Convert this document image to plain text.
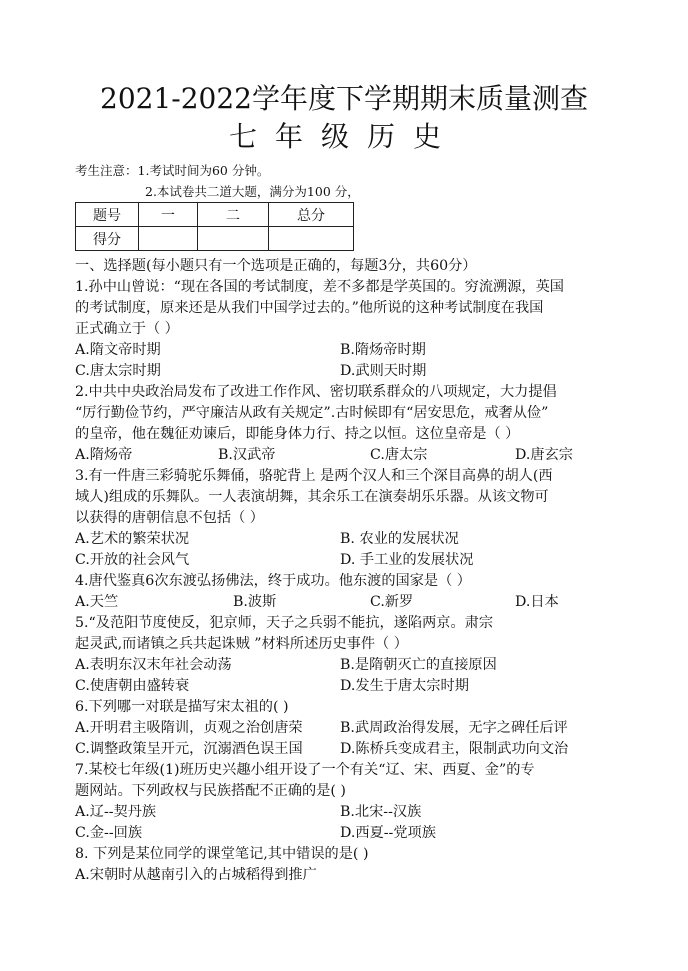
2021-2022学年度下学期期末质量测查
七年级历史
考生注意：1.考试时间为60 分钟。
2.本试卷共二道大题，满分为100 分，
题号	一	二	总分
得分			
一、选择题(每小题只有一个选项是正确的，每题3分，共60分）
1.孙中山曾说：“现在各国的考试制度，差不多都是学英国的。穷流溯源，英国
的考试制度，原来还是从我们中国学过去的。”他所说的这种考试制度在我国
正式确立于（ ）
A.隋文帝时期	B.隋炀帝时期
C.唐太宗时期	D.武则天时期
2.中共中央政治局发布了改进工作作风、密切联系群众的八项规定，大力提倡
“厉行勤俭节约，严守廉洁从政有关规定”.古时候即有“居安思危，戒奢从俭”
的皇帝，他在魏征劝谏后，即能身体力行、持之以恒。这位皇帝是（ ）
A.隋炀帝	B.汉武帝	C.唐太宗	D.唐玄宗
3.有一件唐三彩骑驼乐舞俑，骆驼背上 是两个汉人和三个深目高鼻的胡人(西
域人)组成的乐舞队。一人表演胡舞，其余乐工在演奏胡乐乐器。从该文物可
以获得的唐朝信息不包括（ ）
A.艺术的繁荣状况	B. 农业的发展状况
C.开放的社会风气	D. 手工业的发展状况
4.唐代鉴真6次东渡弘扬佛法，终于成功。他东渡的国家是（ ）
A.天竺	B.波斯	C.新罗	D.日本
5.“及范阳节度使反，犯京师，天子之兵弱不能抗，遂陷两京。肃宗
起灵武,而诸镇之兵共起诛贼 ”材料所述历史事件（ ）
A.表明东汉末年社会动荡	B.是隋朝灭亡的直接原因
C.使唐朝由盛转衰	D.发生于唐太宗时期
6.下列哪一对联是描写宋太祖的( )
A.开明君主吸隋训，贞观之治创唐荣	B.武周政治得发展，无字之碑任后评
C.调整政策呈开元，沉溺酒色误王国	D.陈桥兵变成君主，限制武功向文治
7.某校七年级(1)班历史兴趣小组开设了一个有关“辽、宋、西夏、金”的专
题网站。下列政权与民族搭配不正确的是( )
A.辽--契丹族	B.北宋--汉族
C.金--回族	D.西夏--党项族
8. 下列是某位同学的课堂笔记,其中错误的是( )
A.宋朝时从越南引入的占城稻得到推广
